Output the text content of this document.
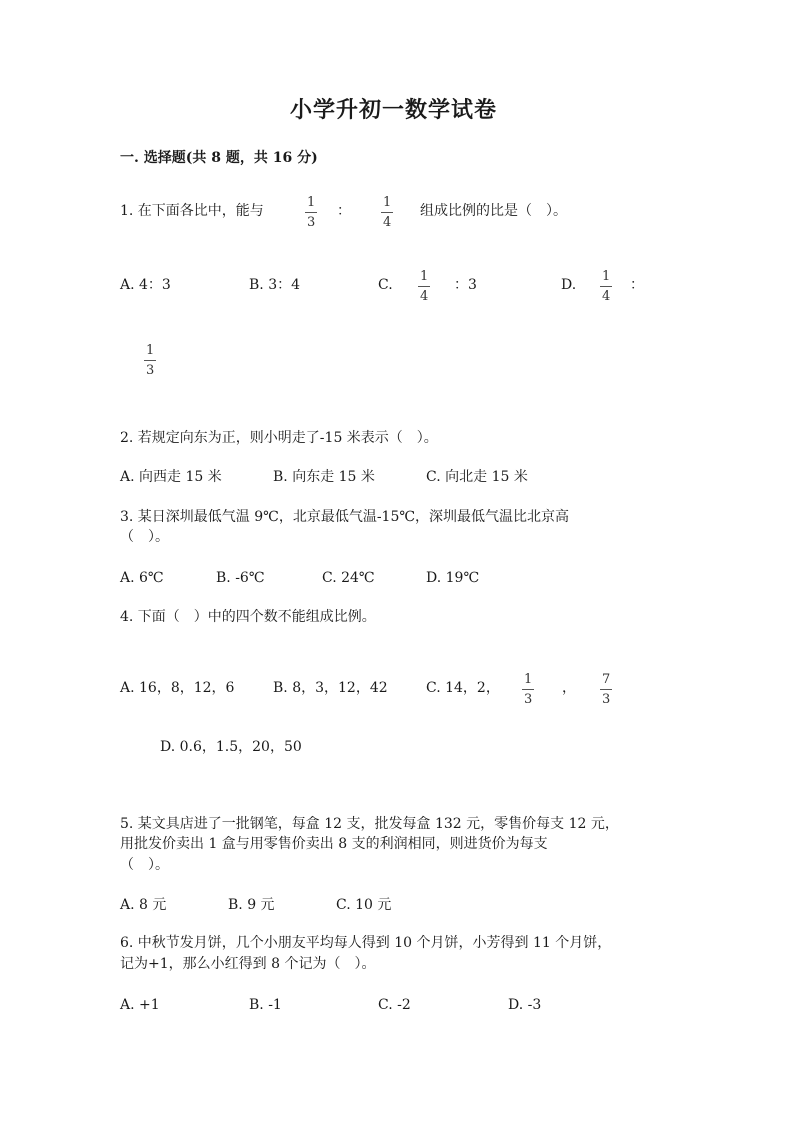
小学升初一数学试卷
一. 选择题(共 8 题，共 16 分)
1. 在下面各比中，能与
1
3
：
1
4
组成比例的比是（　）。
A. 4：3	B. 3：4	C.
1
4
：3	D.
1
4
：
1
3
2. 若规定向东为正，则小明走了-15 米表示（　）。
A. 向西走 15 米	B. 向东走 15 米	C. 向北走 15 米
3. 某日深圳最低气温 9℃，北京最低气温-15℃，深圳最低气温比北京高
（　）。
A. 6℃	B. -6℃	C. 24℃	D. 19℃
4. 下面（　）中的四个数不能组成比例。
A. 16，8，12，6	B. 8，3，12，42	C. 14，2，
1
3
，
7
3
D. 0.6，1.5，20，50
5. 某文具店进了一批钢笔，每盒 12 支，批发每盒 132 元，零售价每支 12 元，
用批发价卖出 1 盒与用零售价卖出 8 支的利润相同，则进货价为每支
（　）。
A. 8 元	B. 9 元	C. 10 元
6. 中秋节发月饼，几个小朋友平均每人得到 10 个月饼，小芳得到 11 个月饼，
记为+1，那么小红得到 8 个记为（　）。
A. +1	B. -1	C. -2	D. -3
